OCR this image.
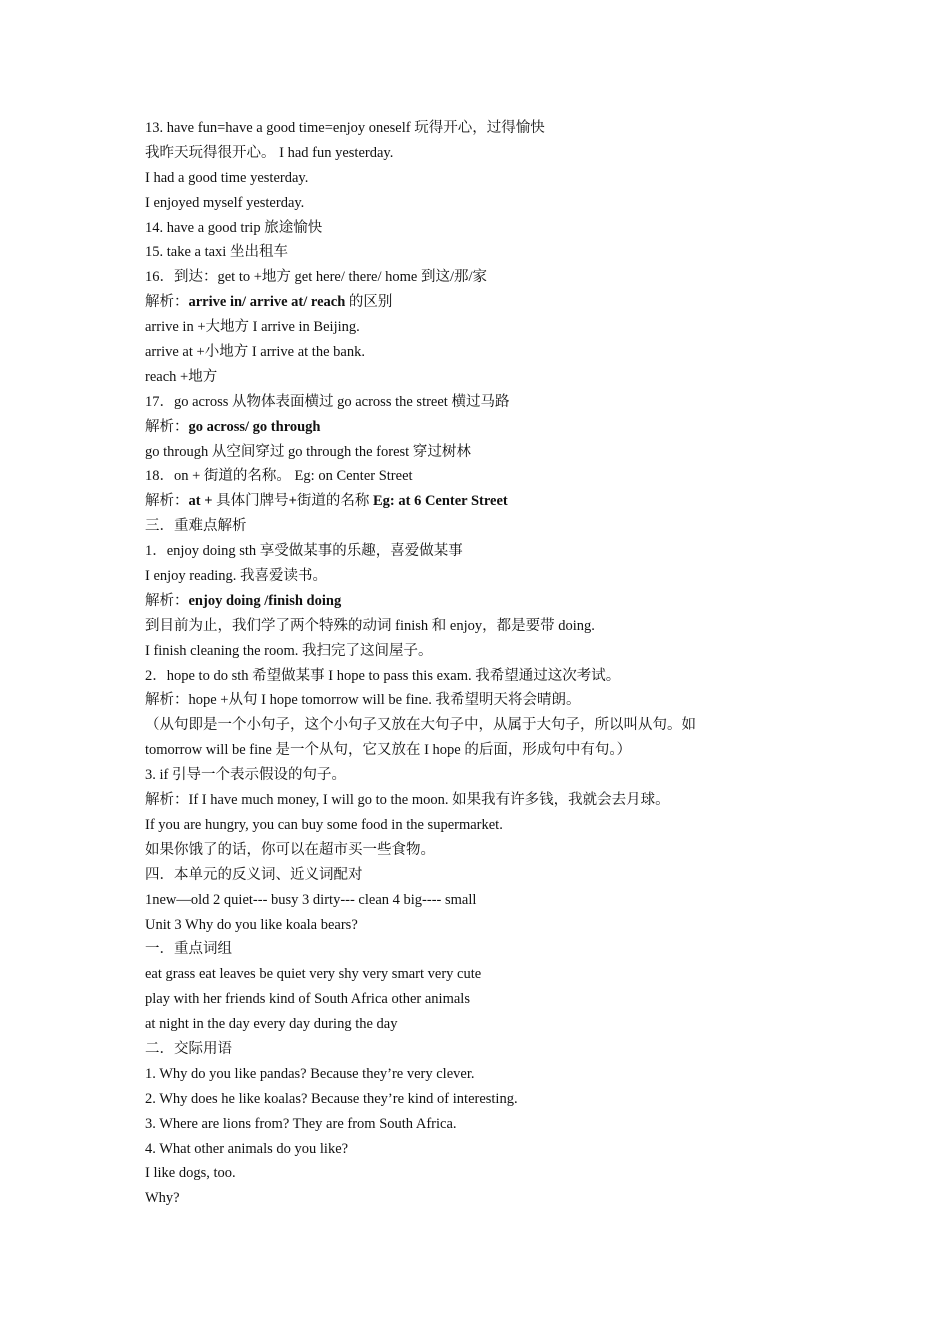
13. have fun=have a good time=enjoy oneself 玩得开心，过得愉快
我昨天玩得很开心。 I had fun yesterday.
I had a good time yesterday.
I enjoyed myself yesterday.
14. have a good trip 旅途愉快
15. take a taxi 坐出租车
16．到达：get to +地方 get here/ there/ home 到这/那/家
解析：arrive in/ arrive at/ reach 的区别
arrive in +大地方 I arrive in Beijing.
arrive at +小地方 I arrive at the bank.
reach +地方
17．go across 从物体表面横过 go across the street 横过马路
解析：go across/ go through
go through 从空间穿过 go through the forest 穿过树林
18．on + 街道的名称。 Eg: on Center Street
解析：at + 具体门牌号+街道的名称 Eg: at 6 Center Street
三．重难点解析
1．enjoy doing sth 享受做某事的乐趣，喜爱做某事
I enjoy reading. 我喜爱读书。
解析：enjoy doing /finish doing
到目前为止，我们学了两个特殊的动词 finish 和 enjoy，都是要带 doing.
I finish cleaning the room. 我扫完了这间屋子。
2．hope to do sth 希望做某事 I hope to pass this exam. 我希望通过这次考试。
解析：hope +从句 I hope tomorrow will be fine. 我希望明天将会晴朗。
（从句即是一个小句子，这个小句子又放在大句子中，从属于大句子，所以叫从句。如
tomorrow will be fine 是一个从句，它又放在 I hope 的后面，形成句中有句。）
3. if 引导一个表示假设的句子。
解析：If I have much money, I will go to the moon. 如果我有许多钱，我就会去月球。
If you are hungry, you can buy some food in the supermarket.
如果你饿了的话，你可以在超市买一些食物。
四．本单元的反义词、近义词配对
1new—old 2 quiet--- busy 3 dirty--- clean 4 big---- small
Unit 3 Why do you like koala bears?
一．重点词组
eat grass eat leaves be quiet very shy very smart very cute
play with her friends kind of South Africa other animals
at night in the day every day during the day
二．交际用语
1. Why do you like pandas? Because they’re very clever.
2. Why does he like koalas? Because they’re kind of interesting.
3. Where are lions from? They are from South Africa.
4. What other animals do you like?
I like dogs, too.
Why?
